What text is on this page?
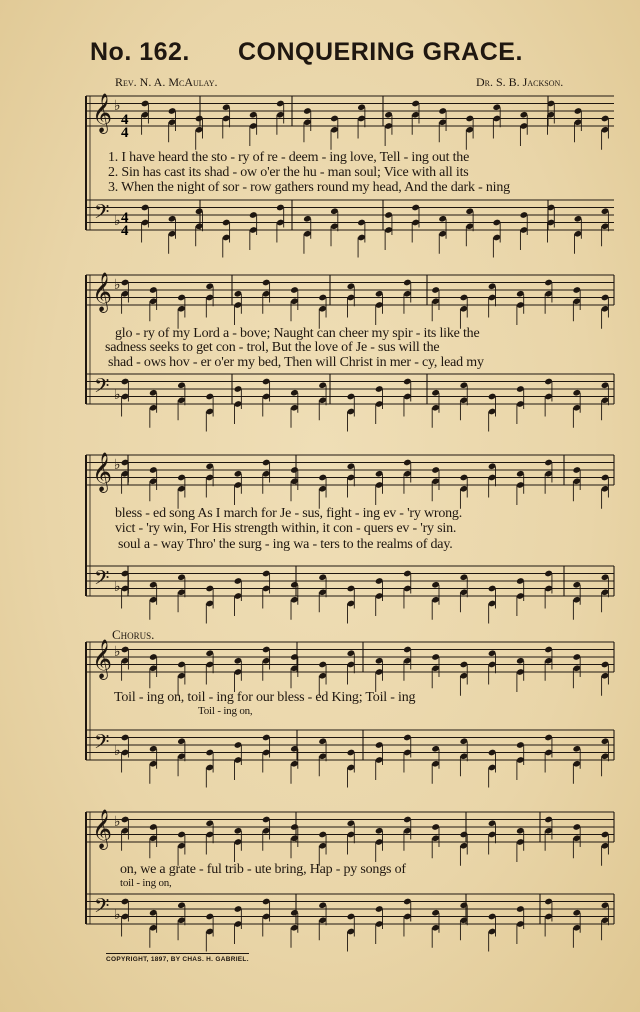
No. 162. CONQUERING GRACE.
Rev. N. A. McAulay.	Dr. S. B. Jackson.
𝄞
𝄢
♭
♭
𝄞
𝄢
♭
♭
𝄞
𝄢
♭
♭
𝄞
𝄢
♭
♭
𝄞
𝄢
♭
♭
4
4
4
4
1. I have heard the sto - ry of re - deem - ing love, Tell - ing out the
2. Sin has cast its shad - ow o'er the hu - man soul; Vice with all its
3. When the night of sor - row gathers round my head, And the dark - ning
glo - ry of my Lord a - bove; Naught can cheer my spir - its like the
sadness seeks to get con - trol, But the love of Je - sus will the
shad - ows hov - er o'er my bed, Then will Christ in mer - cy, lead my
bless - ed song As I march for Je - sus, fight - ing ev - 'ry wrong.
vict - 'ry win, For His strength within, it con - quers ev - 'ry sin.
soul a - way Thro' the surg - ing wa - ters to the realms of day.
Chorus.
Toil - ing on, toil - ing for our bless - ed King; Toil - ing
Toil - ing on,
on, we a grate - ful trib - ute bring, Hap - py songs of
toil - ing on,
COPYRIGHT, 1897, BY CHAS. H. GABRIEL.
